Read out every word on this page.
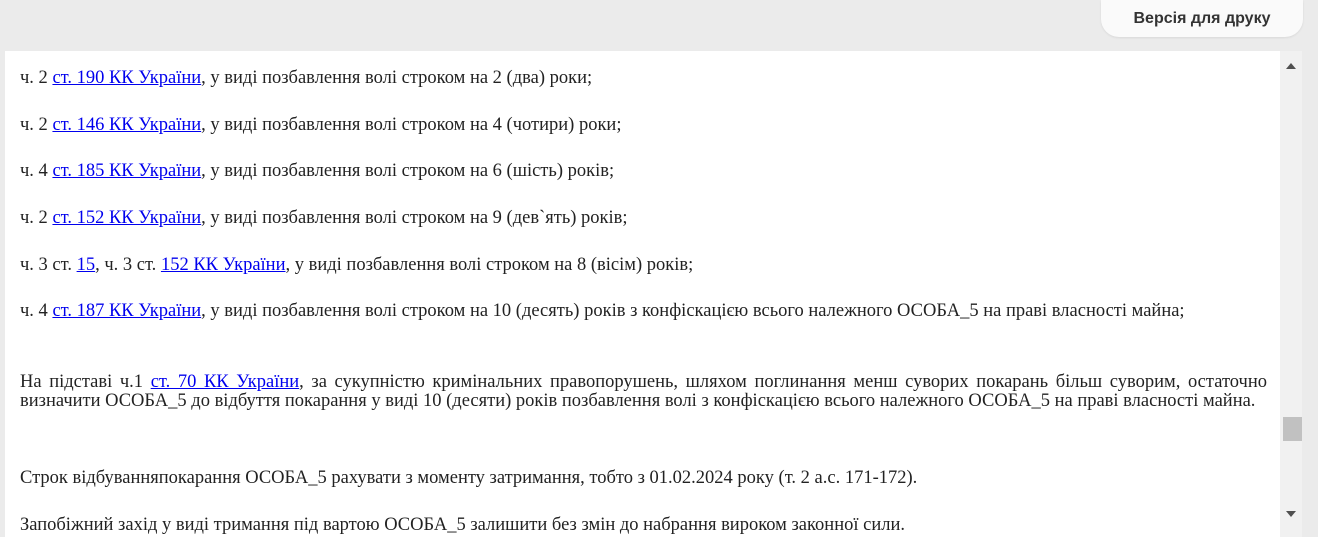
Версія для друку

ч. 2 ст. 190 КК України, у виді позбавлення волі строком на 2 (два) роки;

ч. 2 ст. 146 КК України, у виді позбавлення волі строком на 4 (чотири) роки;

ч. 4 ст. 185 КК України, у виді позбавлення волі строком на 6 (шість) років;

ч. 2 ст. 152 КК України, у виді позбавлення волі строком на 9 (дев`ять) років;

ч. 3 ст. 15, ч. 3 ст. 152 КК України, у виді позбавлення волі строком на 8 (вісім) років;

ч. 4 ст. 187 КК України, у виді позбавлення волі строком на 10 (десять) років з конфіскацією всього належного ОСОБА_5 на праві власності майна;

На підставі ч.1 ст. 70 КК України, за сукупністю кримінальних правопорушень, шляхом поглинання менш суворих покарань більш суворим, остаточно визначити ОСОБА_5 до відбуття покарання у виді 10 (десяти) років позбавлення волі з конфіскацією всього належного ОСОБА_5 на праві власності майна.

Строк відбуванняпокарання ОСОБА_5 рахувати з моменту затримання, тобто з 01.02.2024 року (т. 2 а.с. 171-172).

Запобіжний захід у виді тримання під вартою ОСОБА_5 залишити без змін до набрання вироком законної сили.
